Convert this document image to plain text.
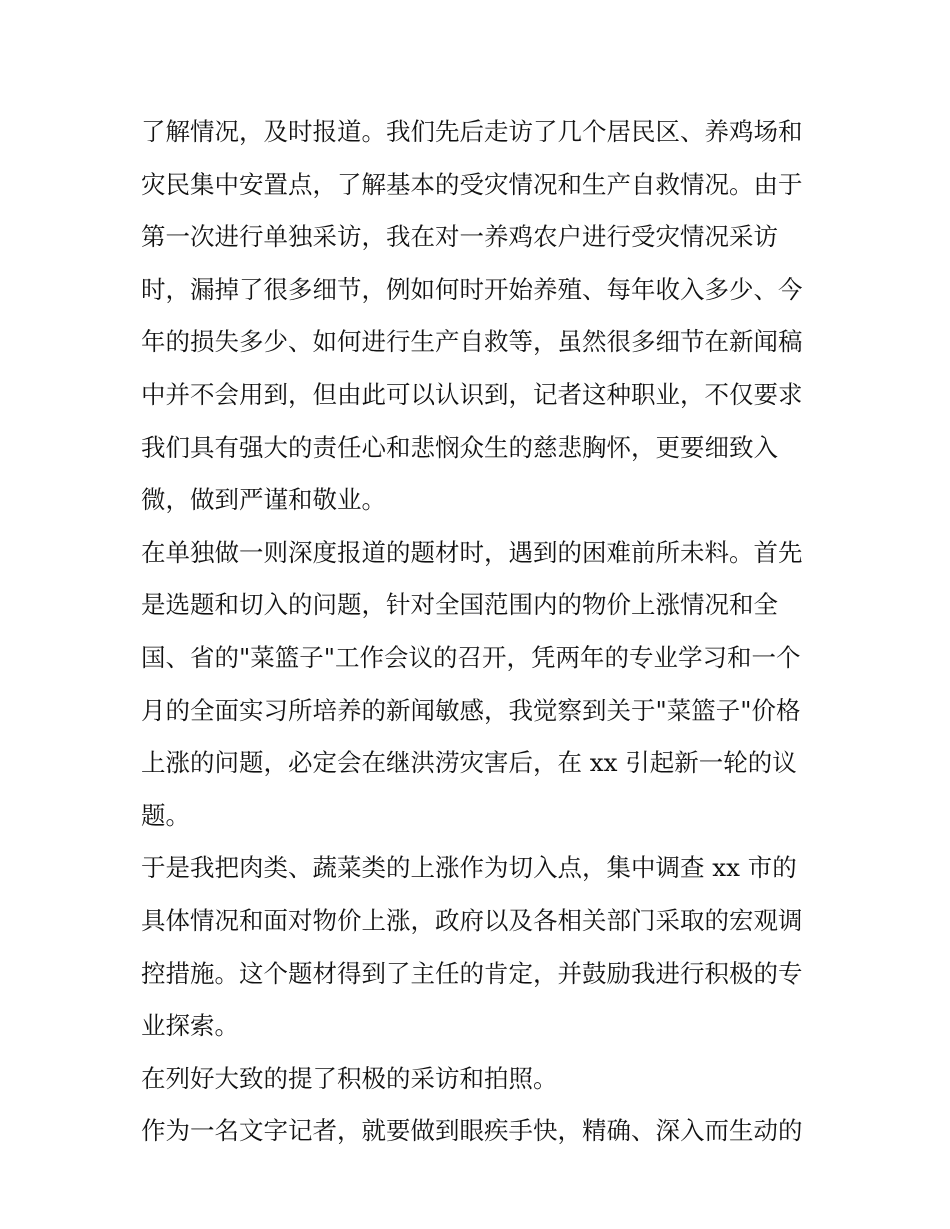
了解情况，及时报道。我们先后走访了几个居民区、养鸡场和
灾民集中安置点，了解基本的受灾情况和生产自救情况。由于
第一次进行单独采访，我在对一养鸡农户进行受灾情况采访
时，漏掉了很多细节，例如何时开始养殖、每年收入多少、今
年的损失多少、如何进行生产自救等，虽然很多细节在新闻稿
中并不会用到，但由此可以认识到，记者这种职业，不仅要求
我们具有强大的责任心和悲悯众生的慈悲胸怀，更要细致入
微，做到严谨和敬业。
在单独做一则深度报道的题材时，遇到的困难前所未料。首先
是选题和切入的问题，针对全国范围内的物价上涨情况和全
国、省的"菜篮子"工作会议的召开，凭两年的专业学习和一个
月的全面实习所培养的新闻敏感，我觉察到关于"菜篮子"价格
上涨的问题，必定会在继洪涝灾害后，在 xx 引起新一轮的议
题。
于是我把肉类、蔬菜类的上涨作为切入点，集中调查 xx 市的
具体情况和面对物价上涨，政府以及各相关部门采取的宏观调
控措施。这个题材得到了主任的肯定，并鼓励我进行积极的专
业探索。
在列好大致的提了积极的采访和拍照。
作为一名文字记者，就要做到眼疾手快，精确、深入而生动的
